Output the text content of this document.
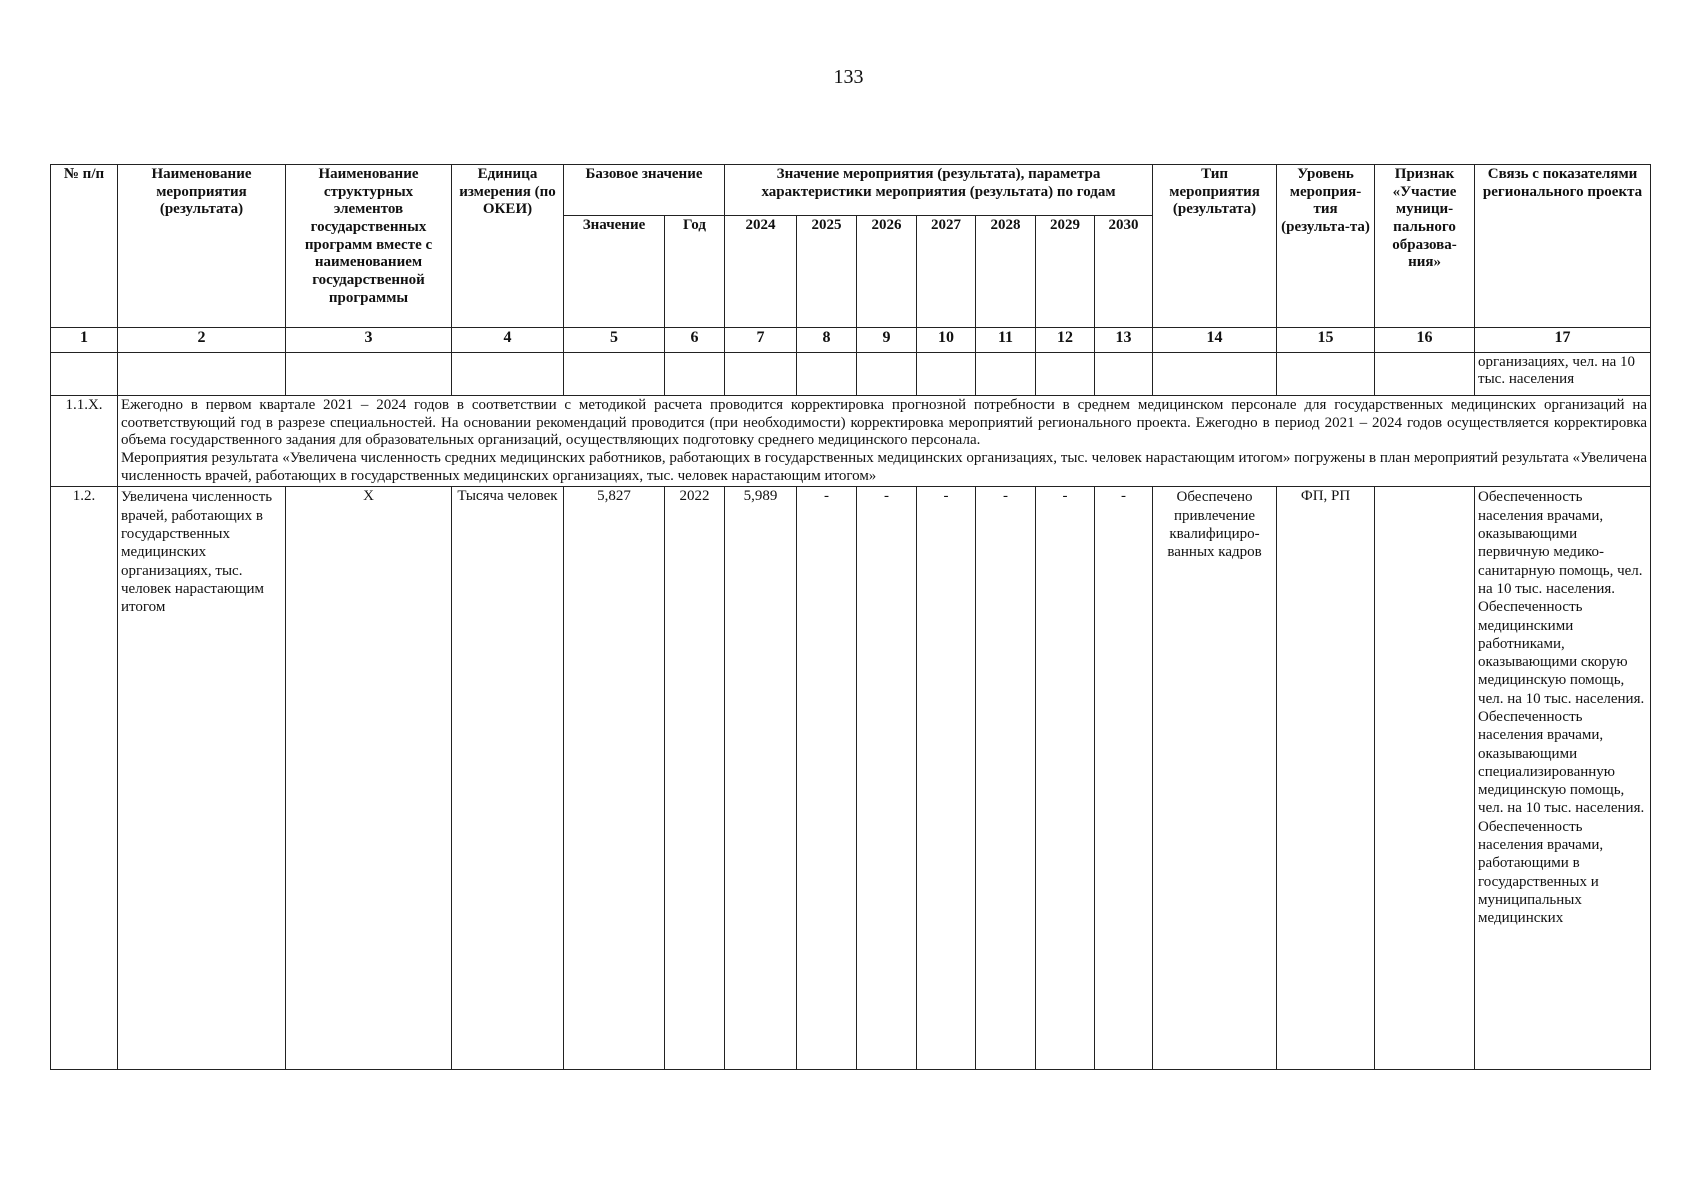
133
№ п/п	Наименование мероприятия (результата)	Наименование структурных элементов государственных программ вместе с наименованием государственной программы	Единица измерения (по ОКЕИ)	Базовое значение		Значение мероприятия (результата), параметра характеристики мероприятия (результата) по годам							Тип мероприятия (результата)	Уровень мероприя-тия (результа-та)	Признак «Участие муници-пального образова-ния»	Связь с показателями регионального проекта
				Значение	Год	2024	2025	2026	2027	2028	2029	2030				
1	2	3	4	5	6	7	8	9	10	11	12	13	14	15	16	17
																организациях, чел. на 10 тыс. населения
1.1.Х.	Ежегодно в первом квартале 2021 – 2024 годов в соответствии с методикой расчета проводится корректировка прогнозной потребности в среднем медицинском персонале для государственных медицинских организаций на соответствующий год в разрезе специальностей. На основании рекомендаций проводится (при необходимости) корректировка мероприятий регионального проекта. Ежегодно в период 2021 – 2024 годов осуществляется корректировка объема государственного задания для образовательных организаций, осуществляющих подготовку среднего медицинского персонала.

Мероприятия результата «Увеличена численность средних медицинских работников, работающих в государственных медицинских организациях, тыс. человек нарастающим итогом» погружены в план мероприятий результата «Увеличена численность врачей, работающих в государственных медицинских организациях, тыс. человек нарастающим итогом»															

1.2.	Увеличена численность врачей, работающих в государственных медицинских организациях, тыс. человек нарастающим итогом	Х	Тысяча человек	5,827	2022	5,989	-	-	-	-	-	-	Обеспечено привлечение квалифициро-ванных кадров	ФП, РП		Обеспеченность населения врачами, оказывающими первичную медико-санитарную помощь, чел. на 10 тыс. населения. Обеспеченность медицинскими работниками, оказывающими скорую медицинскую помощь, чел. на 10 тыс. населения. Обеспеченность населения врачами, оказывающими специализированную медицинскую помощь, чел. на 10 тыс. населения. Обеспеченность населения врачами, работающими в государственных и муниципальных медицинских
